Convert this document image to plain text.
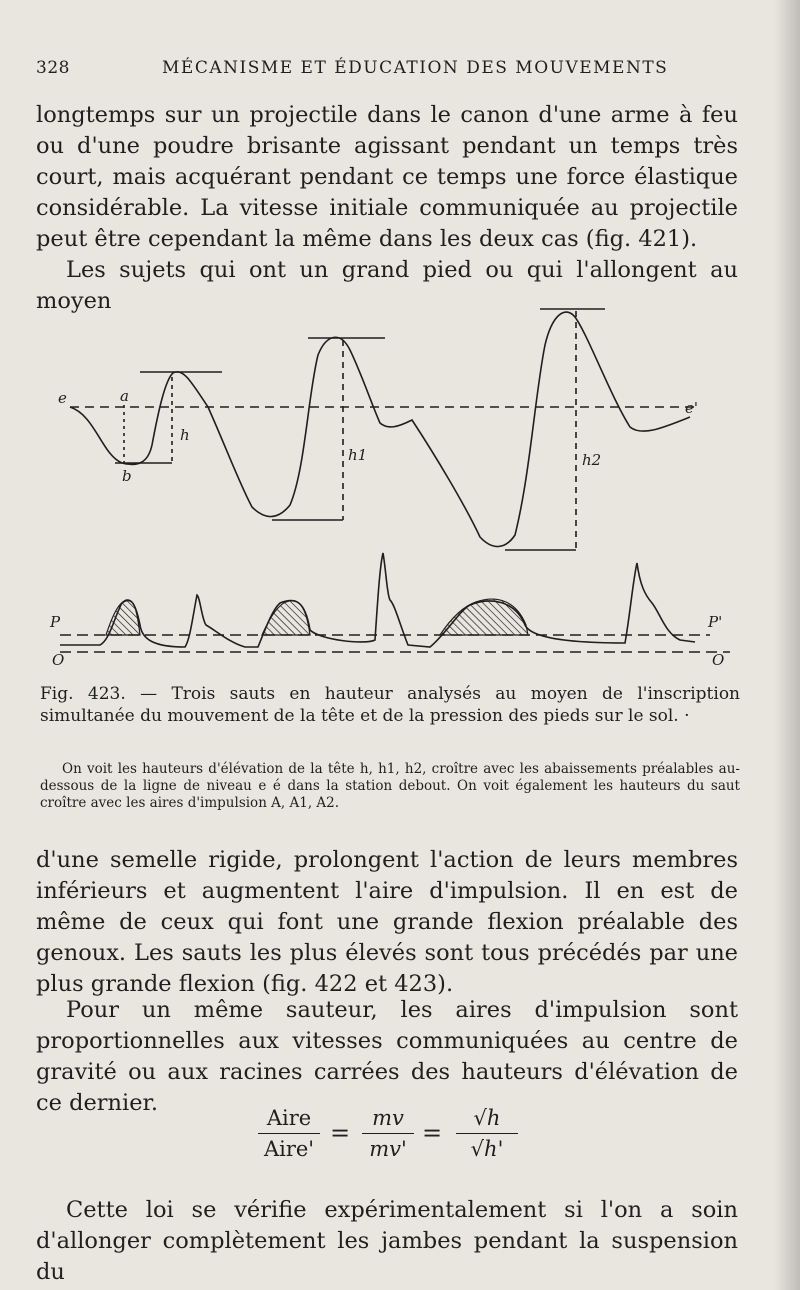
328	MÉCANISME ET ÉDUCATION DES MOUVEMENTS

longtemps sur un projectile dans le canon d'une arme à feu ou d'une poudre brisante agissant pendant un temps très court, mais acquérant pendant ce temps une force élastique considérable. La vitesse initiale communiquée au projectile peut être cependant la même dans les deux cas (fig. 421).

Les sujets qui ont un grand pied ou qui l'allongent au moyen

e
e'
a
b
h
h1	h2
P	P'
O	O
Fig. 423. — Trois sauts en hauteur analysés au moyen de l'inscription simultanée du mouvement de la tête et de la pression des pieds sur le sol. ·
On voit les hauteurs d'élévation de la tête h, h1, h2, croître avec les abaissements préalables au-dessous de la ligne de niveau e é dans la station debout. On voit également les hauteurs du saut croître avec les aires d'impulsion A, A1, A2.

d'une semelle rigide, prolongent l'action de leurs membres inférieurs et augmentent l'aire d'impulsion. Il en est de même de ceux qui font une grande flexion préalable des genoux. Les sauts les plus élevés sont tous précédés par une plus grande flexion (fig. 422 et 423).

Pour un même sauteur, les aires d'impulsion sont proportionnelles aux vitesses communiquées au centre de gravité ou aux racines carrées des hauteurs d'élévation de ce dernier.

Aire
Aire'
=
mv
mv'
=
√h
√h'

Cette loi se vérifie expérimentalement si l'on a soin d'allonger complètement les jambes pendant la suspension du
